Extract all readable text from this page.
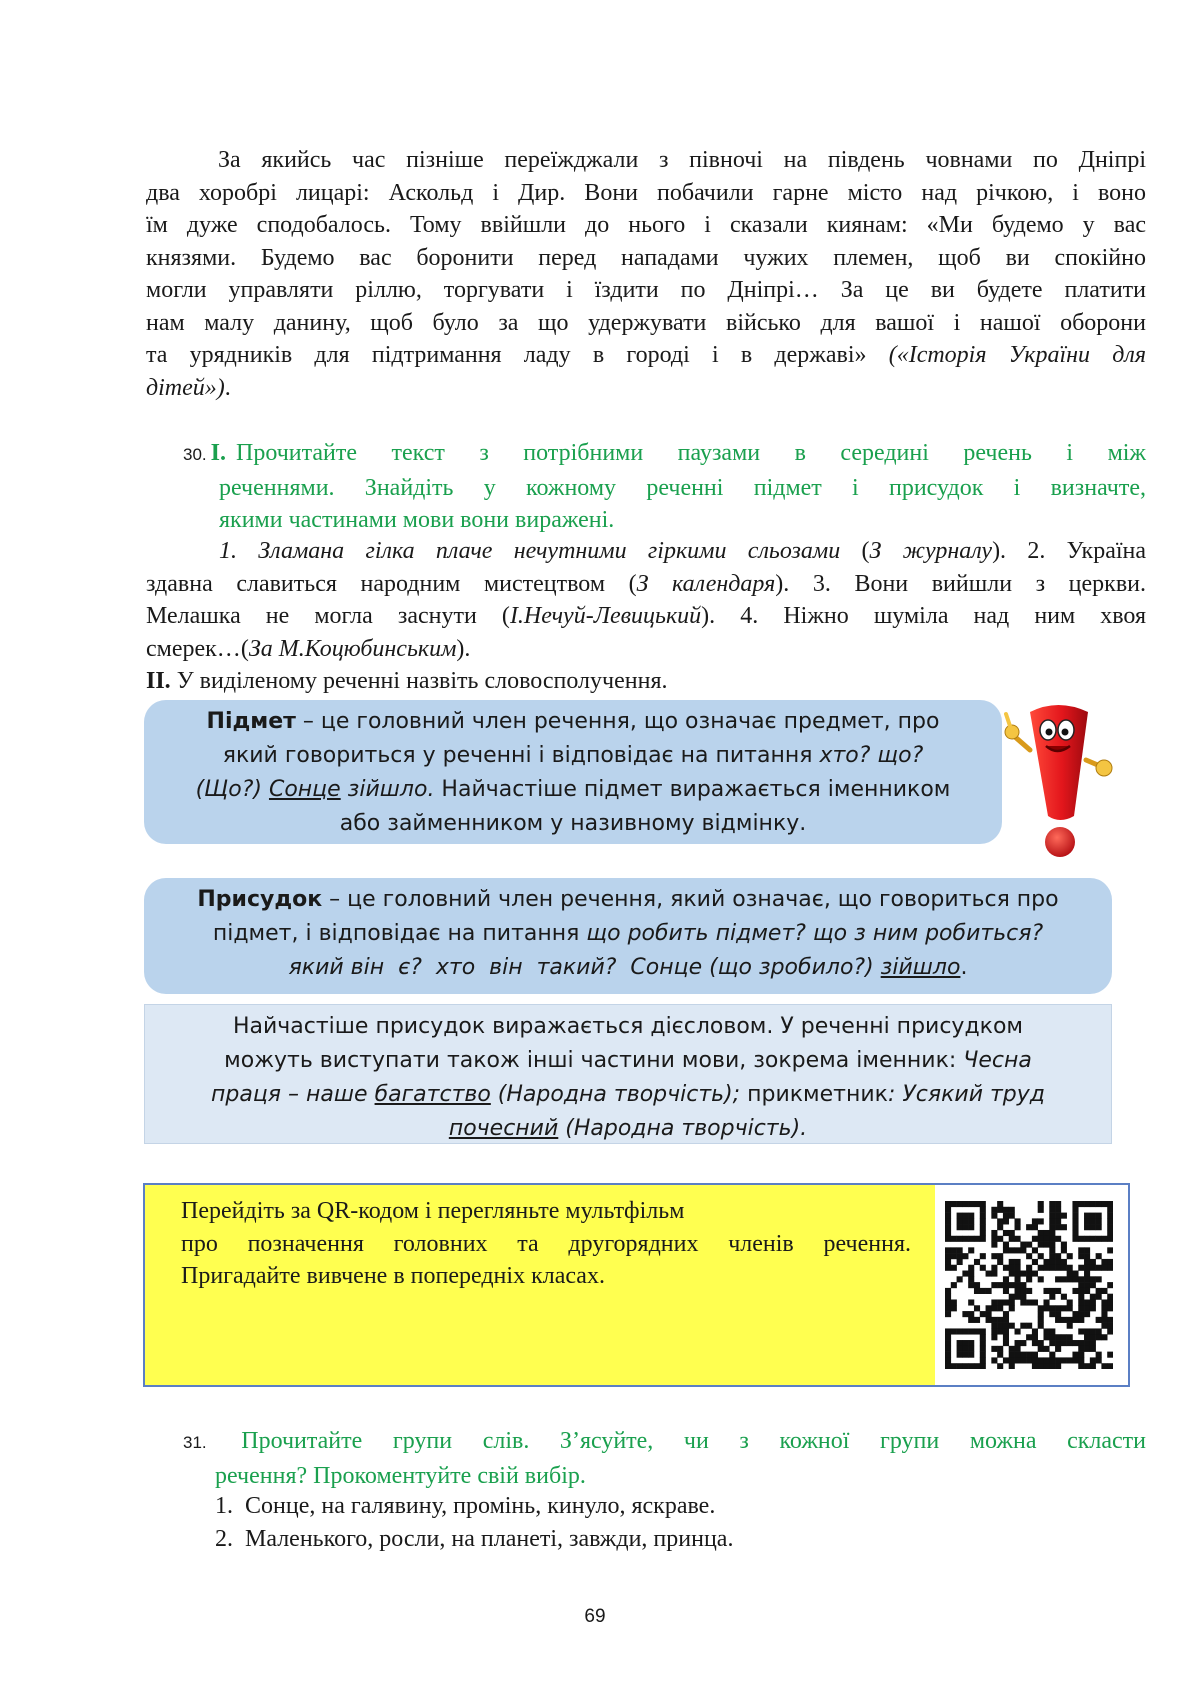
За якийсь час пізніше переїжджали з півночі на південь човнами по Дніпрі
два хоробрі лицарі: Аскольд і Дир. Вони побачили гарне місто над річкою, і воно
їм дуже сподобалось. Тому ввійшли до нього і сказали киянам: «Ми будемо у вас
князями. Будемо вас боронити перед нападами чужих племен, щоб ви спокійно
могли управляти ріллю, торгувати і їздити по Дніпрі… За це ви будете платити
нам малу данину, щоб було за що удержувати військо для вашої і нашої оборони
та урядників для підтримання ладу в городі і в державі» («Історія України для
дітей»).
30. I. Прочитайте текст з потрібними паузами в середині речень і між
реченнями. Знайдіть у кожному реченні підмет і присудок і визначте,
якими частинами мови вони виражені.
1. Зламана гілка плаче нечутними гіркими сльозами (З журналу). 2. Україна
здавна славиться народним мистецтвом (З календаря). 3. Вони вийшли з церкви.
Мелашка не могла заснути (І.Нечуй-Левицький). 4. Ніжно шуміла над ним хвоя
смерек…(За М.Коцюбинським).
II. У виділеному реченні назвіть словосполучення.
Підмет – це головний член речення, що означає предмет, про
який говориться у реченні і відповідає на питання хто? що?
(Що?) Сонце зійшло. Найчастіше підмет виражається іменником
або займенником у називному відмінку.
Присудок – це головний член речення, який означає, що говориться про
підмет, і відповідає на питання що робить підмет? що з ним робиться?
який він  є?  хто  він  такий?  Сонце (що зробило?) зійшло.
Найчастіше присудок виражається дієсловом. У реченні присудком
можуть виступати також інші частини мови, зокрема іменник: Чесна
праця – наше багатство (Народна творчість); прикметник: Усякий труд
почесний (Народна творчість).
Перейдіть за QR-кодом і перегляньте мультфільм
про позначення головних та другорядних членів речення.
Пригадайте вивчене в попередніх класах.
31. Прочитайте групи слів. З’ясуйте, чи з кожної групи можна скласти
речення? Прокоментуйте свій вибір.
1. Сонце, на галявину, промінь, кинуло, яскраве.
2. Маленького, росли, на планеті, завжди, принца.
69
